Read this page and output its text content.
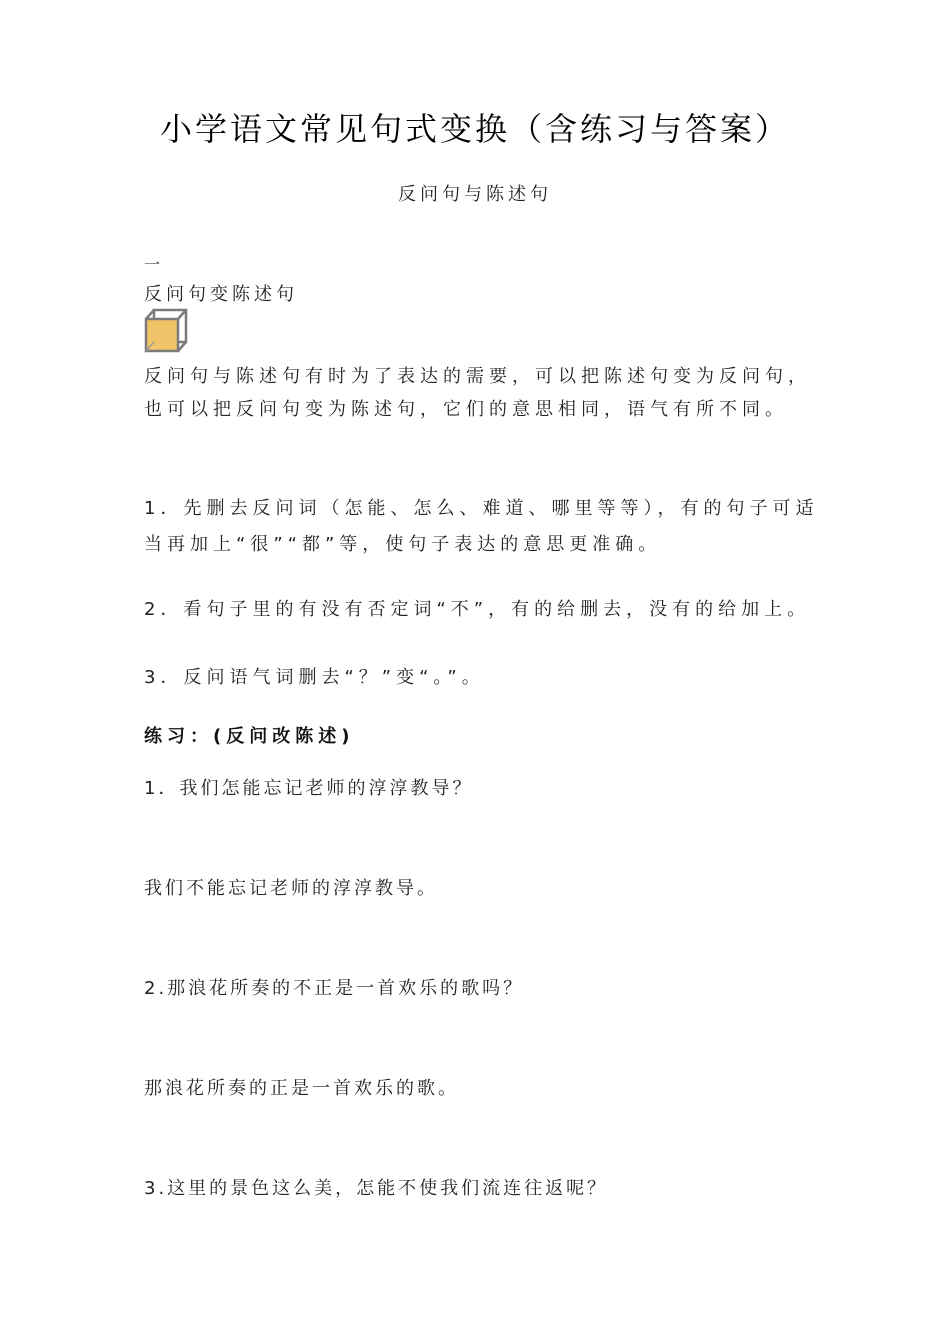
小学语文常见句式变换（含练习与答案）
反问句与陈述句
一
反问句变陈述句
反问句与陈述句有时为了表达的需要，可以把陈述句变为反问句，也可以把反问句变为陈述句，它们的意思相同，语气有所不同。
1．先删去反问词（怎能、怎么、难道、哪里等等），有的句子可适当再加上“很”“都”等，使句子表达的意思更准确。
2．看句子里的有没有否定词“不”，有的给删去，没有的给加上。
3．反问语气词删去“？”变“。”。
练习：(反问改陈述)
1．我们怎能忘记老师的淳淳教导？
我们不能忘记老师的淳淳教导。
2.那浪花所奏的不正是一首欢乐的歌吗？
那浪花所奏的正是一首欢乐的歌。
3.这里的景色这么美，怎能不使我们流连往返呢？
